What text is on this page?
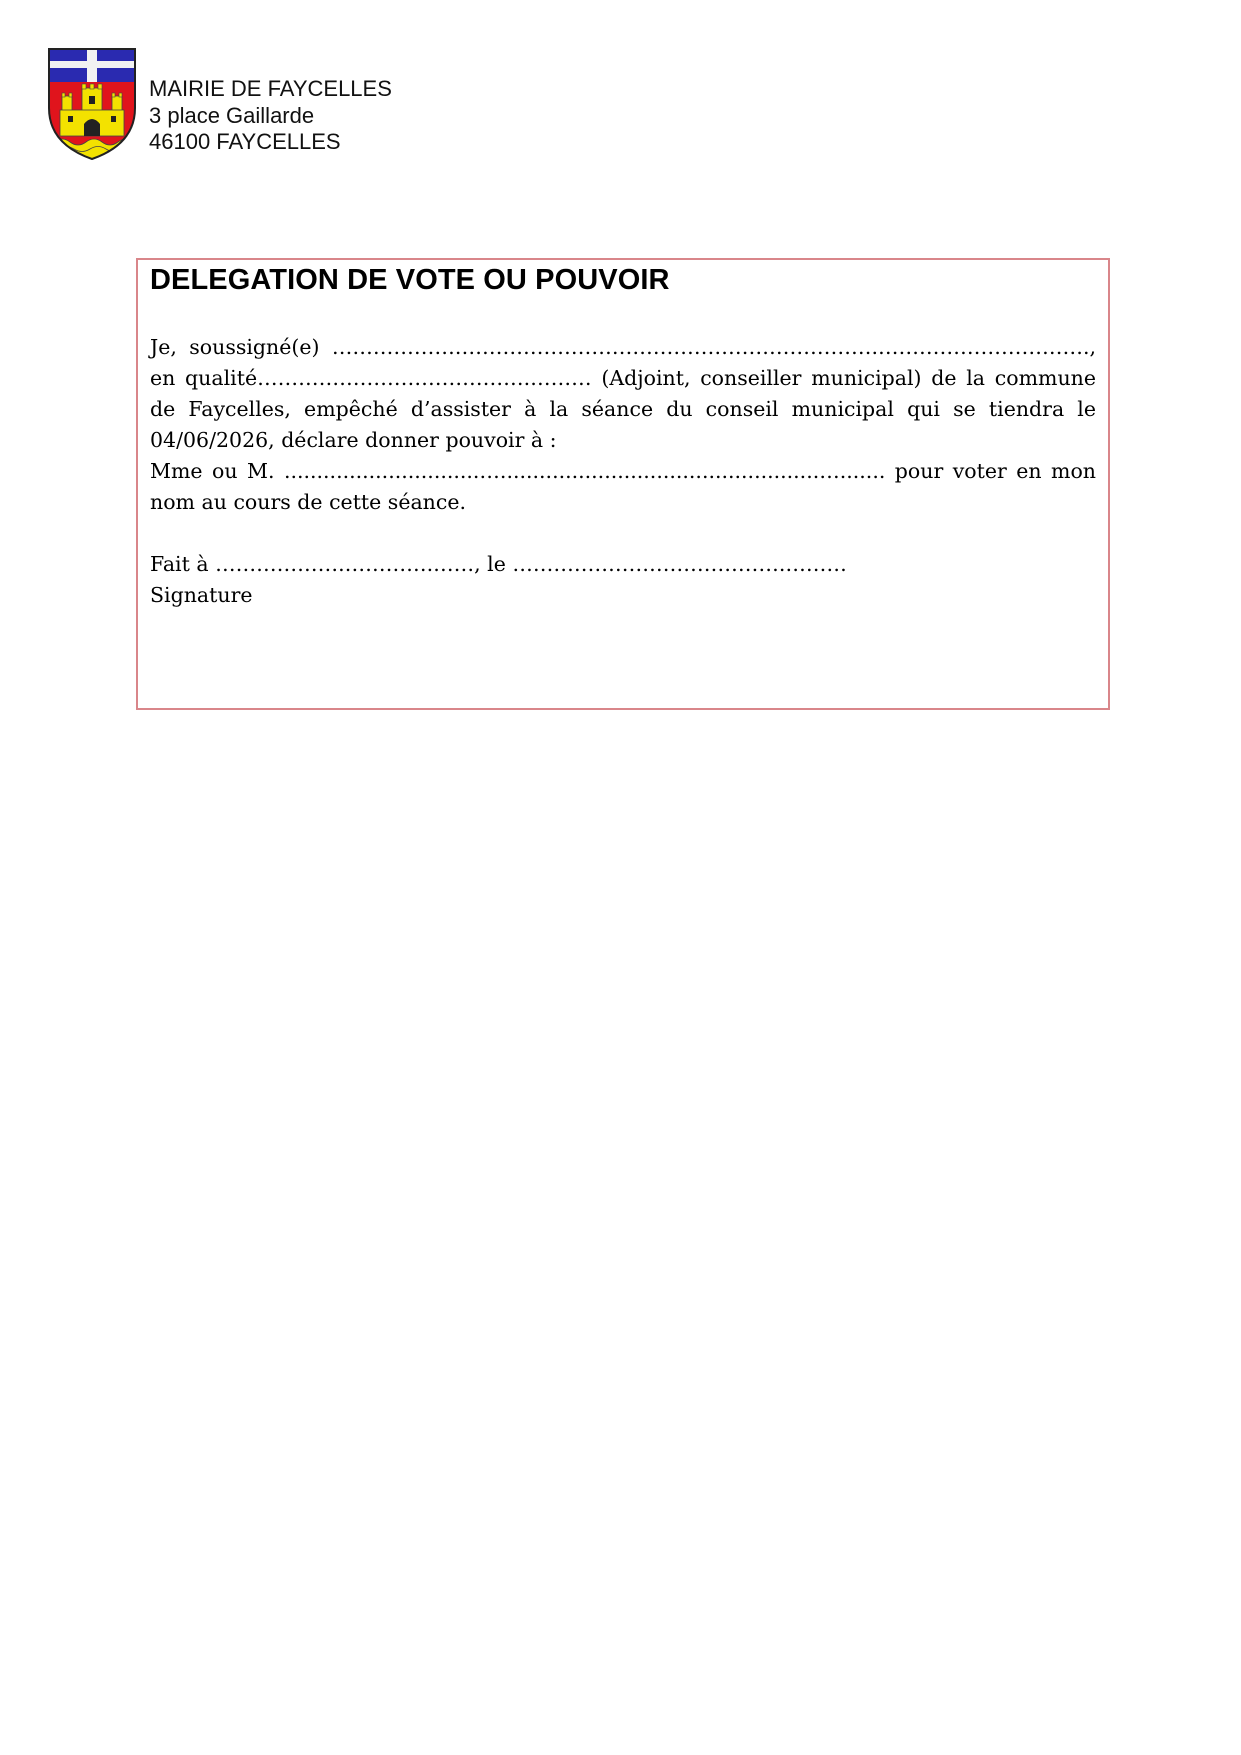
MAIRIE DE FAYCELLES
3 place Gaillarde
46100 FAYCELLES
DELEGATION DE VOTE OU POUVOIR

Je, soussigné(e) ……………….…………………………………………………….…………………………., en qualité………………………………….……… (Adjoint, conseiller municipal) de la commune de Faycelles, empêché d’assister à la séance du conseil municipal qui se tiendra le 04/06/2026, déclare donner pouvoir à :

Mme ou M. ..............................….................................................…....... pour voter en mon nom au cours de cette séance.

Fait à ……………….………….……, le ………………………………….………

Signature
